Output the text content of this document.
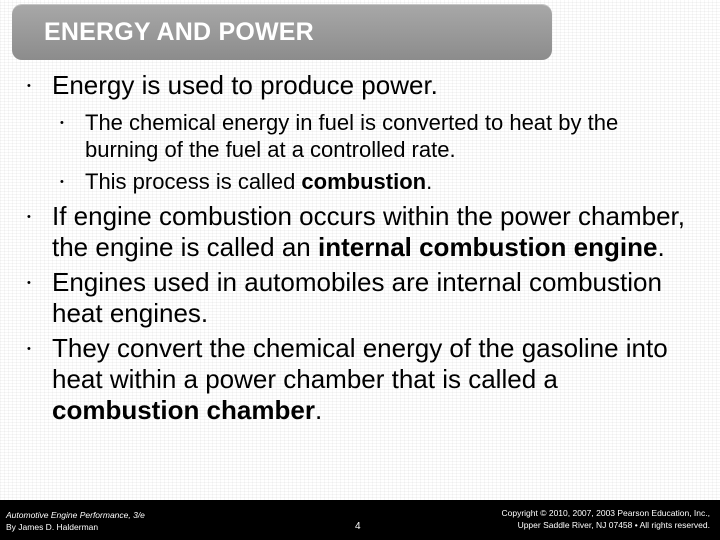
ENERGY AND POWER
• Energy is used to produce power.
• The chemical energy in fuel is converted to heat by the burning of the fuel at a controlled rate.
• This process is called combustion.
• If engine combustion occurs within the power chamber, the engine is called an internal combustion engine.
• Engines used in automobiles are internal combustion heat engines.
• They convert the chemical energy of the gasoline into heat within a power chamber that is called a combustion chamber.
Automotive Engine Performance, 3/e
By James D. Halderman	4
Copyright © 2010, 2007, 2003 Pearson Education, Inc.,
Upper Saddle River, NJ 07458 • All rights reserved.
